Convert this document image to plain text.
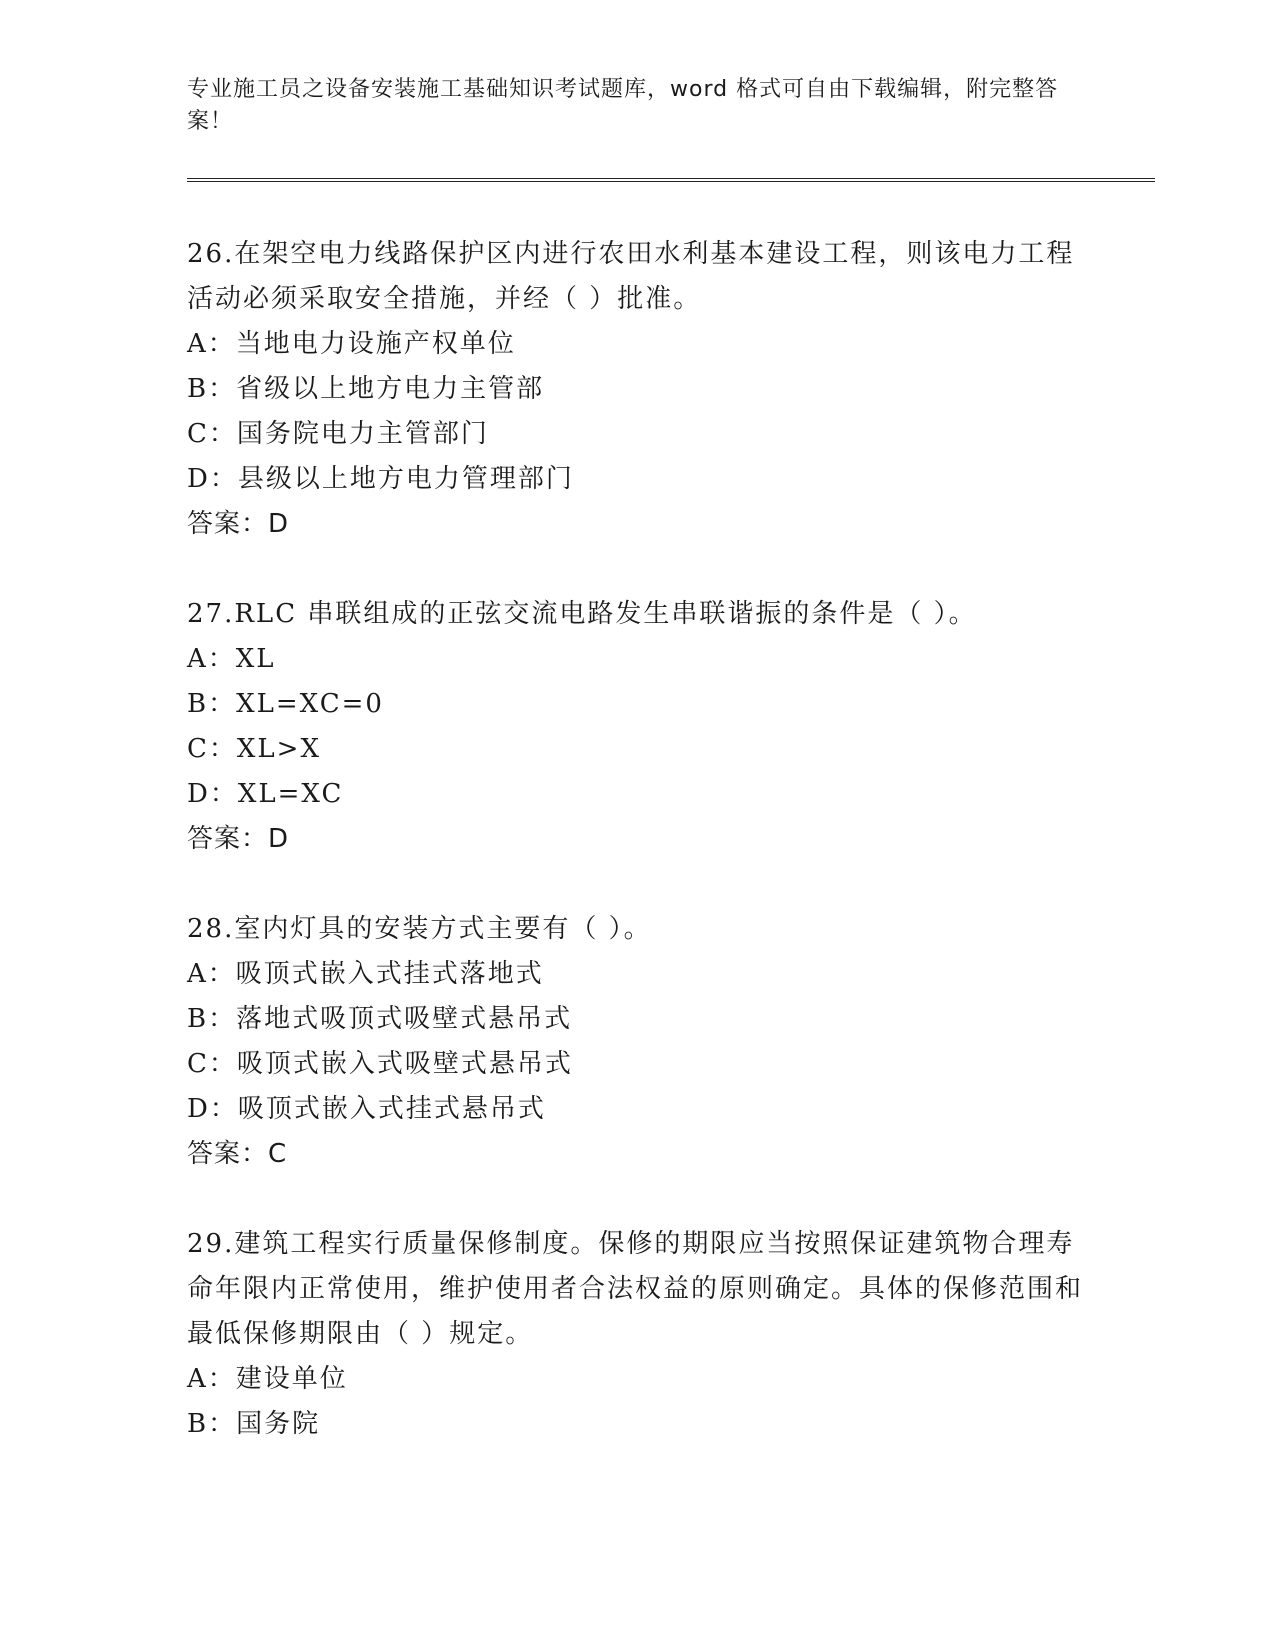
专业施工员之设备安装施工基础知识考试题库，word 格式可自由下载编辑，附完整答案！
26.在架空电力线路保护区内进行农田水利基本建设工程，则该电力工程活动必须采取安全措施，并经（ ）批准。
A：当地电力设施产权单位
B：省级以上地方电力主管部
C：国务院电力主管部门
D：县级以上地方电力管理部门
答案：D
27.RLC 串联组成的正弦交流电路发生串联谐振的条件是（ ）。
A：XL
B：XL=XC=0
C：XL>X
D：XL=XC
答案：D
28.室内灯具的安装方式主要有（ ）。
A：吸顶式嵌入式挂式落地式
B：落地式吸顶式吸壁式悬吊式
C：吸顶式嵌入式吸壁式悬吊式
D：吸顶式嵌入式挂式悬吊式
答案：C
29.建筑工程实行质量保修制度。保修的期限应当按照保证建筑物合理寿命年限内正常使用，维护使用者合法权益的原则确定。具体的保修范围和最低保修期限由（ ）规定。
A：建设单位
B：国务院
